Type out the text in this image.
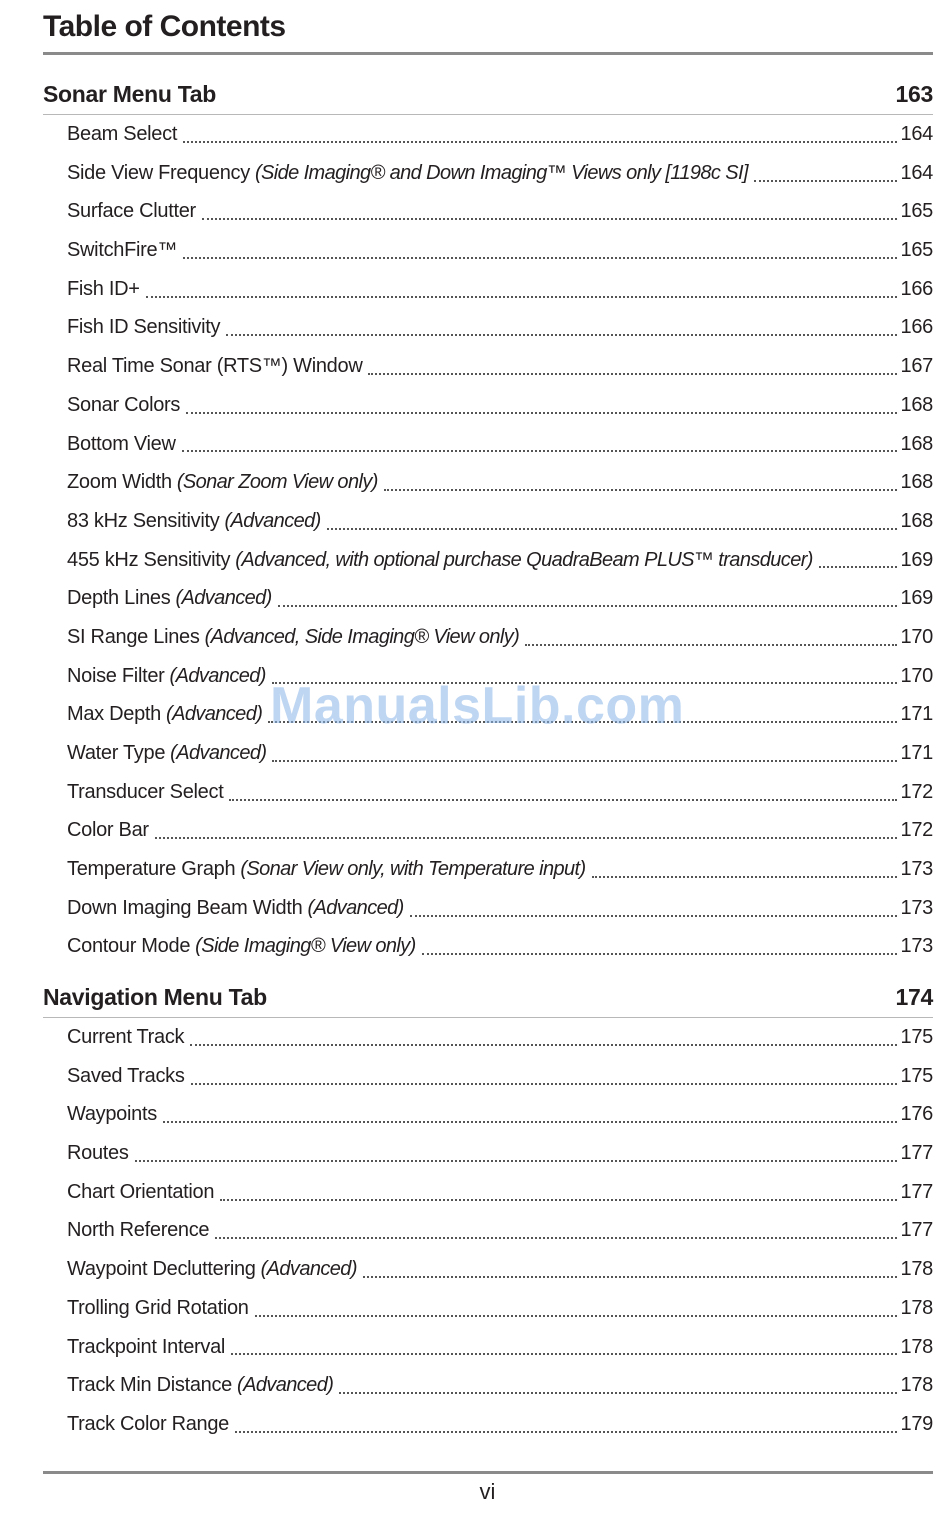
Table of Contents
Sonar Menu Tab	163
Beam Select	164
Side View Frequency (Side Imaging® and Down Imaging™ Views only [1198c SI]	164
Surface Clutter	165
SwitchFire™	165
Fish ID+	166
Fish ID Sensitivity	166
Real Time Sonar (RTS™) Window	167
Sonar Colors	168
Bottom View	168
Zoom Width (Sonar Zoom View only)	168
83 kHz Sensitivity (Advanced)	168
455 kHz Sensitivity (Advanced, with optional purchase QuadraBeam PLUS™ transducer)	169
Depth Lines (Advanced)	169
SI Range Lines (Advanced, Side Imaging® View only)	170
Noise Filter (Advanced)	170
Max Depth (Advanced)	171
Water Type (Advanced)	171
Transducer Select	172
Color Bar	172
Temperature Graph (Sonar View only, with Temperature input)	173
Down Imaging Beam Width (Advanced)	173
Contour Mode (Side Imaging® View only)	173
Navigation Menu Tab	174
Current Track	175
Saved Tracks	175
Waypoints	176
Routes	177
Chart Orientation	177
North Reference	177
Waypoint Decluttering (Advanced)	178
Trolling Grid Rotation	178
Trackpoint Interval	178
Track Min Distance (Advanced)	178
Track Color Range	179
ManualsLib.com
vi
